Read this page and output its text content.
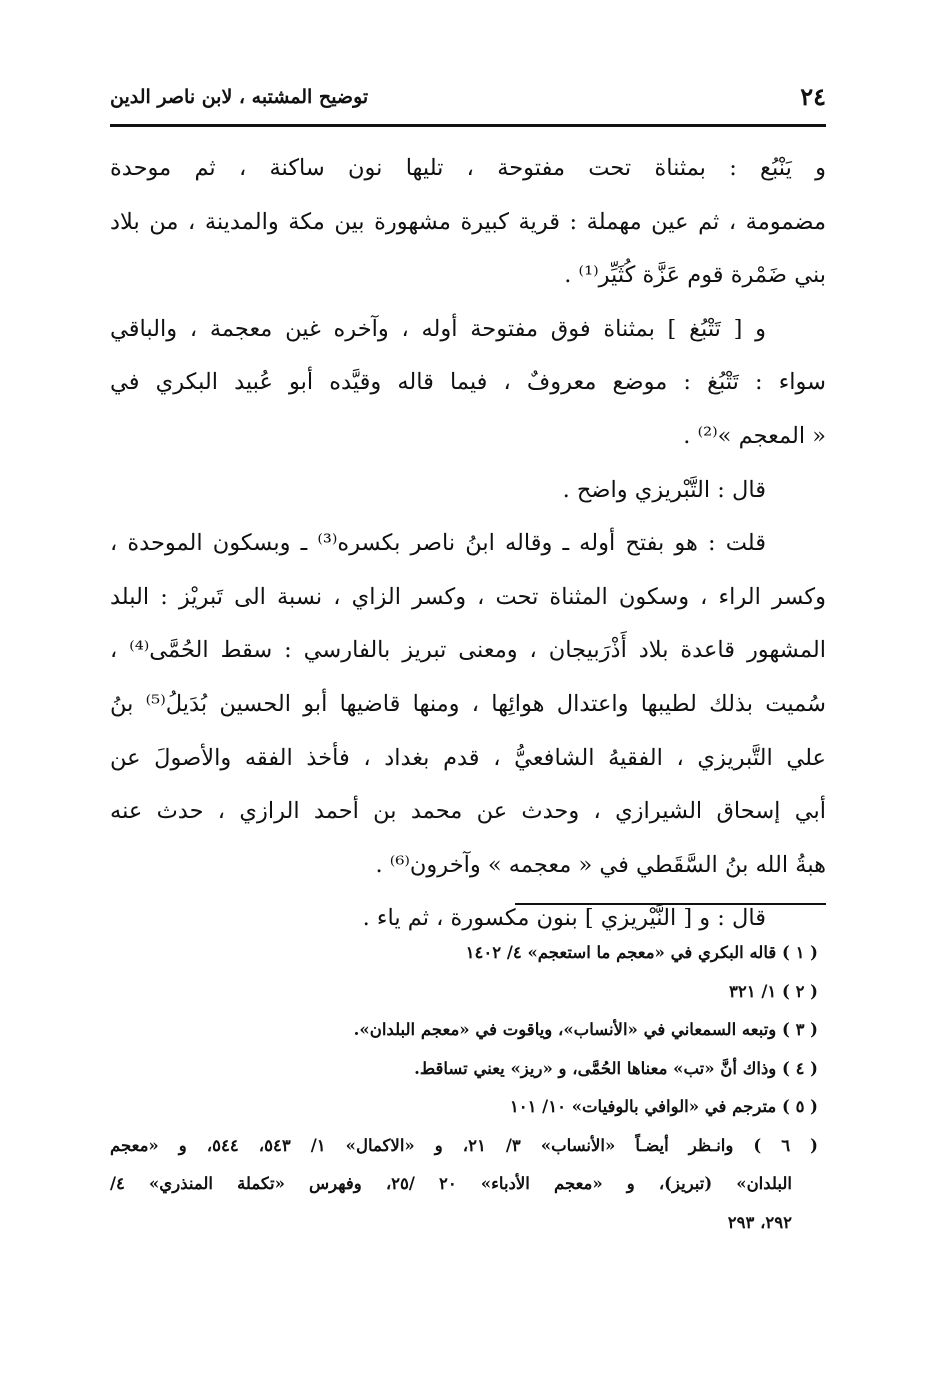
٢٤
توضيح المشتبه ، لابن ناصر الدين
و يَنْبُع : بمثناة تحت مفتوحة ، تليها نون ساكنة ، ثم موحدة
مضمومة ، ثم عين مهملة : قرية كبيرة مشهورة بين مكة والمدينة ، من بلاد
بني ضَمْرة قوم عَزَّة كُثَيِّر⁽¹⁾ .
و [ تَتْبُغ ] بمثناة فوق مفتوحة أوله ، وآخره غين معجمة ، والباقي
سواء : تَتْبُغ : موضع معروفٌ ، فيما قاله وقيَّده أبو عُبيد البكري في
« المعجم »⁽²⁾ .
قال : التَّبْريزي واضح .
قلت : هو بفتح أوله ـ وقاله ابنُ ناصر بكسره⁽³⁾ ـ وبسكون الموحدة ،
وكسر الراء ، وسكون المثناة تحت ، وكسر الزاي ، نسبة الى تَبريْز : البلد
المشهور قاعدة بلاد أَذْرَبيجان ، ومعنى تبريز بالفارسي : سقط الحُمَّى⁽⁴⁾ ،
سُميت بذلك لطيبها واعتدال هوائِها ، ومنها قاضيها أبو الحسين بُدَيلُ⁽⁵⁾ بنُ
علي التَّبريزي ، الفقيهُ الشافعيُّ ، قدم بغداد ، فأخذ الفقه والأصولَ عن
أبي إسحاق الشيرازي ، وحدث عن محمد بن أحمد الرازي ، حدث عنه
هبةُ الله بنُ السَّقَطي في « معجمه » وآخرون⁽⁶⁾ .
قال : و [ النَّيْريزي ] بنون مكسورة ، ثم ياء .
( ١ ) قاله البكري في «معجم ما استعجم» ٤/ ١٤٠٢
( ٢ ) ١/ ٣٢١
( ٣ ) وتبعه السمعاني في «الأنساب»، وياقوت في «معجم البلدان».
( ٤ ) وذاك أنَّ «تب» معناها الحُمَّى، و «ريز» يعني تساقط.
( ٥ ) مترجم في «الوافي بالوفيات» ١٠/ ١٠١
( ٦ ) وانـظر أيضـاً «الأنساب» ٣/ ٢١، و «الاكمال» ١/ ٥٤٣، ٥٤٤، و «معجم
البلدان» (تبريز)، و «معجم الأدباء» ٢٠ /٢٥، وفهرس «تكملة المنذري» ٤/
٢٩٢، ٢٩٣
